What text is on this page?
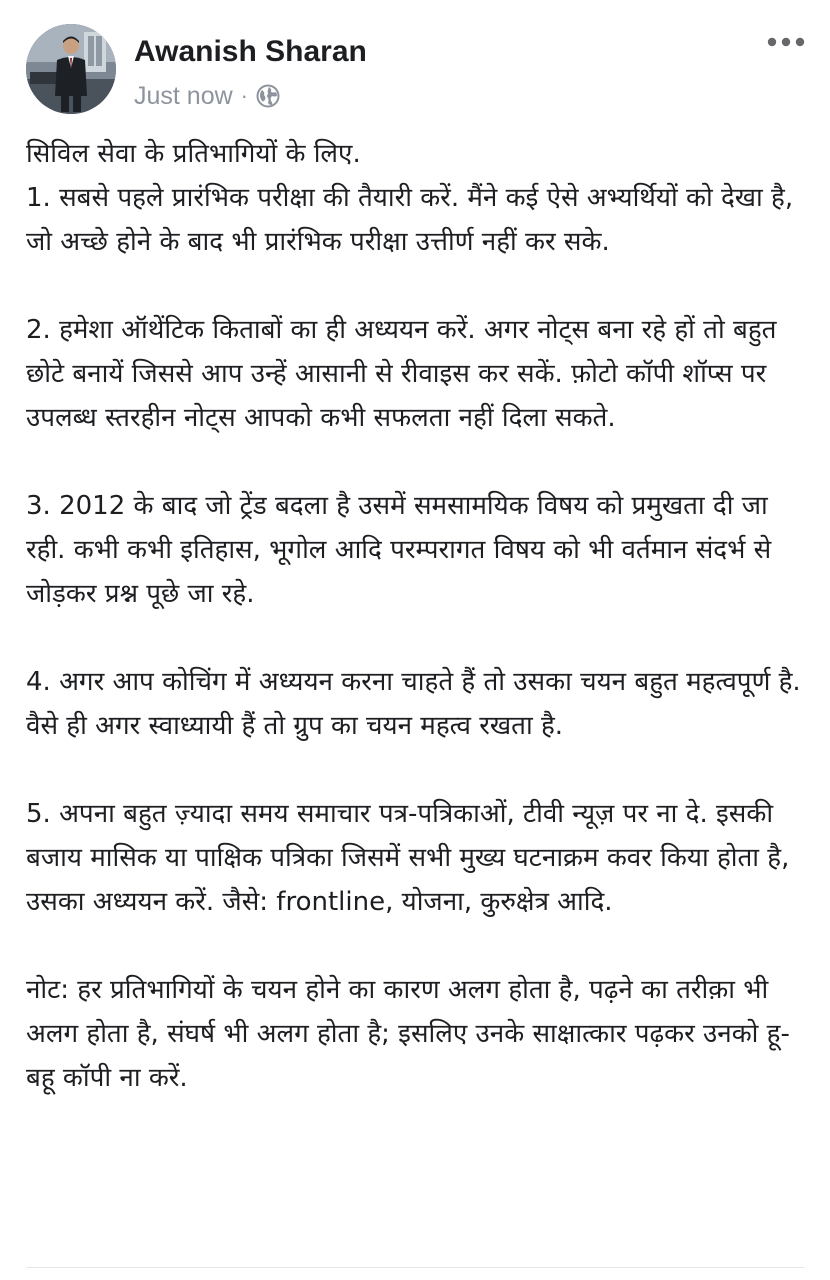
Awanish Sharan
Just now ·

सिविल सेवा के प्रतिभागियों के लिए.

1. सबसे पहले प्रारंभिक परीक्षा की तैयारी करें. मैंने कई ऐसे अभ्यर्थियों को देखा है, जो अच्छे होने के बाद भी प्रारंभिक परीक्षा उत्तीर्ण नहीं कर सके.

2. हमेशा ऑथेंटिक किताबों का ही अध्ययन करें. अगर नोट्स बना रहे हों तो बहुत छोटे बनायें जिससे आप उन्हें आसानी से रीवाइस कर सकें. फ़ोटो कॉपी शॉप्स पर उपलब्ध स्तरहीन नोट्स आपको कभी सफलता नहीं दिला सकते.

3. 2012 के बाद जो ट्रेंड बदला है उसमें समसामयिक विषय को प्रमुखता दी जा रही. कभी कभी इतिहास, भूगोल आदि परम्परागत विषय को भी वर्तमान संदर्भ से जोड़कर प्रश्न पूछे जा रहे.

4. अगर आप कोचिंग में अध्ययन करना चाहते हैं तो उसका चयन बहुत महत्वपूर्ण है. वैसे ही अगर स्वाध्यायी हैं तो ग्रुप का चयन महत्व रखता है.

5. अपना बहुत ज़्यादा समय समाचार पत्र-पत्रिकाओं, टीवी न्यूज़ पर ना दे. इसकी बजाय मासिक या पाक्षिक पत्रिका जिसमें सभी मुख्य घटनाक्रम कवर किया होता है, उसका अध्ययन करें. जैसे: frontline, योजना, कुरुक्षेत्र आदि.

नोट: हर प्रतिभागियों के चयन होने का कारण अलग होता है, पढ़ने का तरीक़ा भी अलग होता है, संघर्ष भी अलग होता है; इसलिए उनके साक्षात्कार पढ़कर उनको हू-बहू कॉपी ना करें.
